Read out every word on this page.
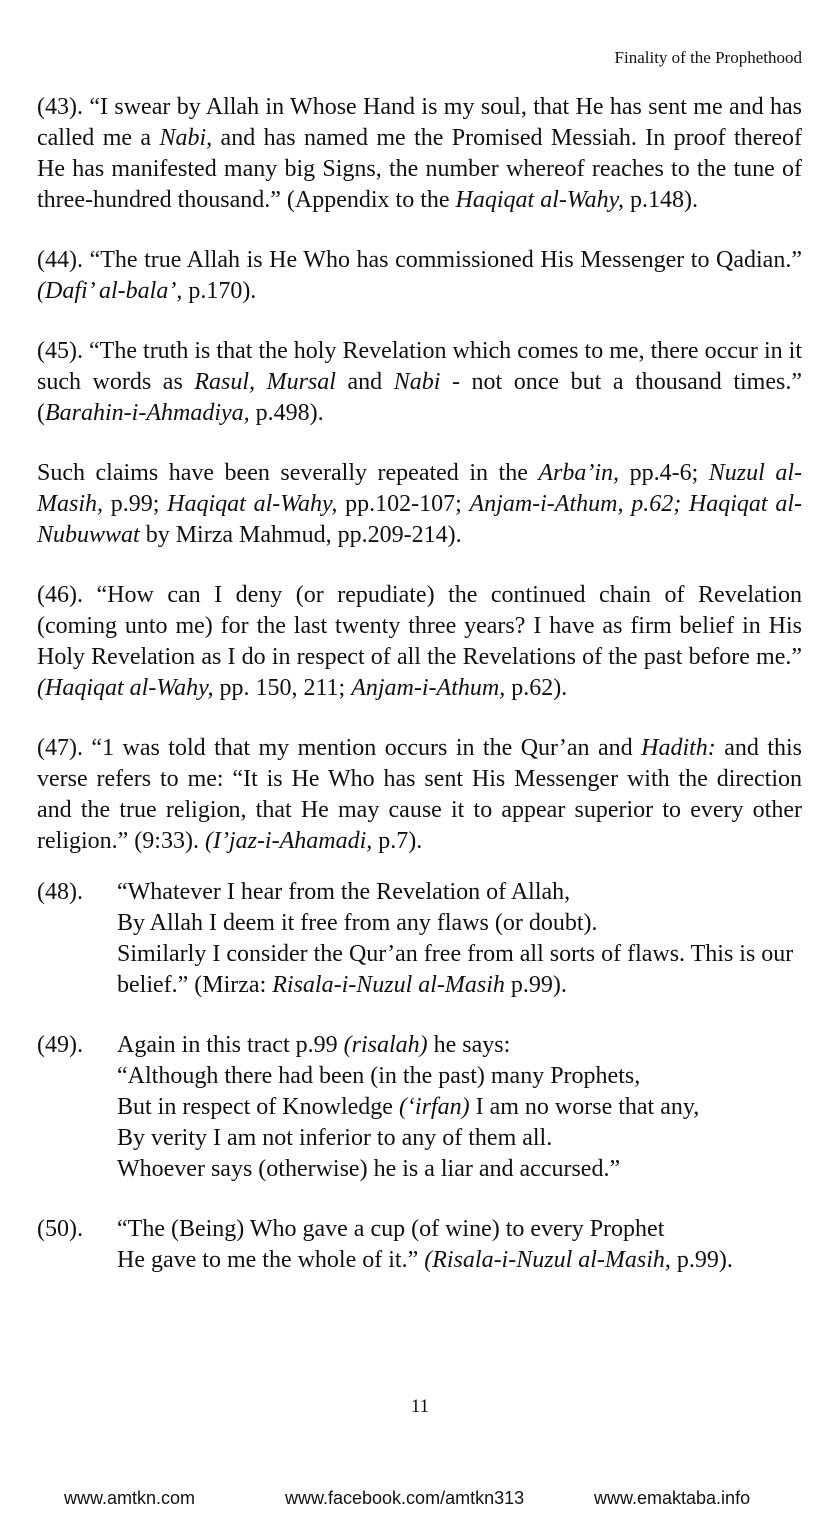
Finality of the Prophethood

(43). “I swear by Allah in Whose Hand is my soul, that He has sent me and has called me a Nabi, and has named me the Promised Messiah. In proof thereof He has manifested many big Signs, the number whereof reaches to the tune of three-hundred thousand.” (Appendix to the Haqiqat al-Wahy, p.148).

(44). “The true Allah is He Who has commissioned His Messenger to Qadian.” (Dafi’ al-bala’, p.170).

(45). “The truth is that the holy Revelation which comes to me, there occur in it such words as Rasul, Mursal and Nabi - not once but a thousand times.” (Barahin-i-Ahmadiya, p.498).

Such claims have been severally repeated in the Arba’in, pp.4-6; Nuzul al-Masih, p.99; Haqiqat al-Wahy, pp.102-107; Anjam-i-Athum, p.62; Haqiqat al-Nubuwwat by Mirza Mahmud, pp.209-214).

(46). “How can I deny (or repudiate) the continued chain of Revelation (coming unto me) for the last twenty three years? I have as firm belief in His Holy Revelation as I do in respect of all the Revelations of the past before me.” (Haqiqat al-Wahy, pp. 150, 211; Anjam-i-Athum, p.62).

(47). “1 was told that my mention occurs in the Qur’an and Hadith: and this verse refers to me: “It is He Who has sent His Messenger with the direction and the true religion, that He may cause it to appear superior to every other religion.” (9:33). (I’jaz-i-Ahamadi, p.7).

(48).	“Whatever I hear from the Revelation of Allah,
By Allah I deem it free from any flaws (or doubt).
Similarly I consider the Qur’an free from all sorts of flaws. This is our belief.” (Mirza: Risala-i-Nuzul al-Masih p.99).
(49).	Again in this tract p.99 (risalah) he says:
“Although there had been (in the past) many Prophets,
But in respect of Knowledge (‘irfan) I am no worse that any,
By verity I am not inferior to any of them all.
Whoever says (otherwise) he is a liar and accursed.”
(50).	“The (Being) Who gave a cup (of wine) to every Prophet
He gave to me the whole of it.” (Risala-i-Nuzul al-Masih, p.99).
11
www.amtkn.com	www.facebook.com/amtkn313	www.emaktaba.info
